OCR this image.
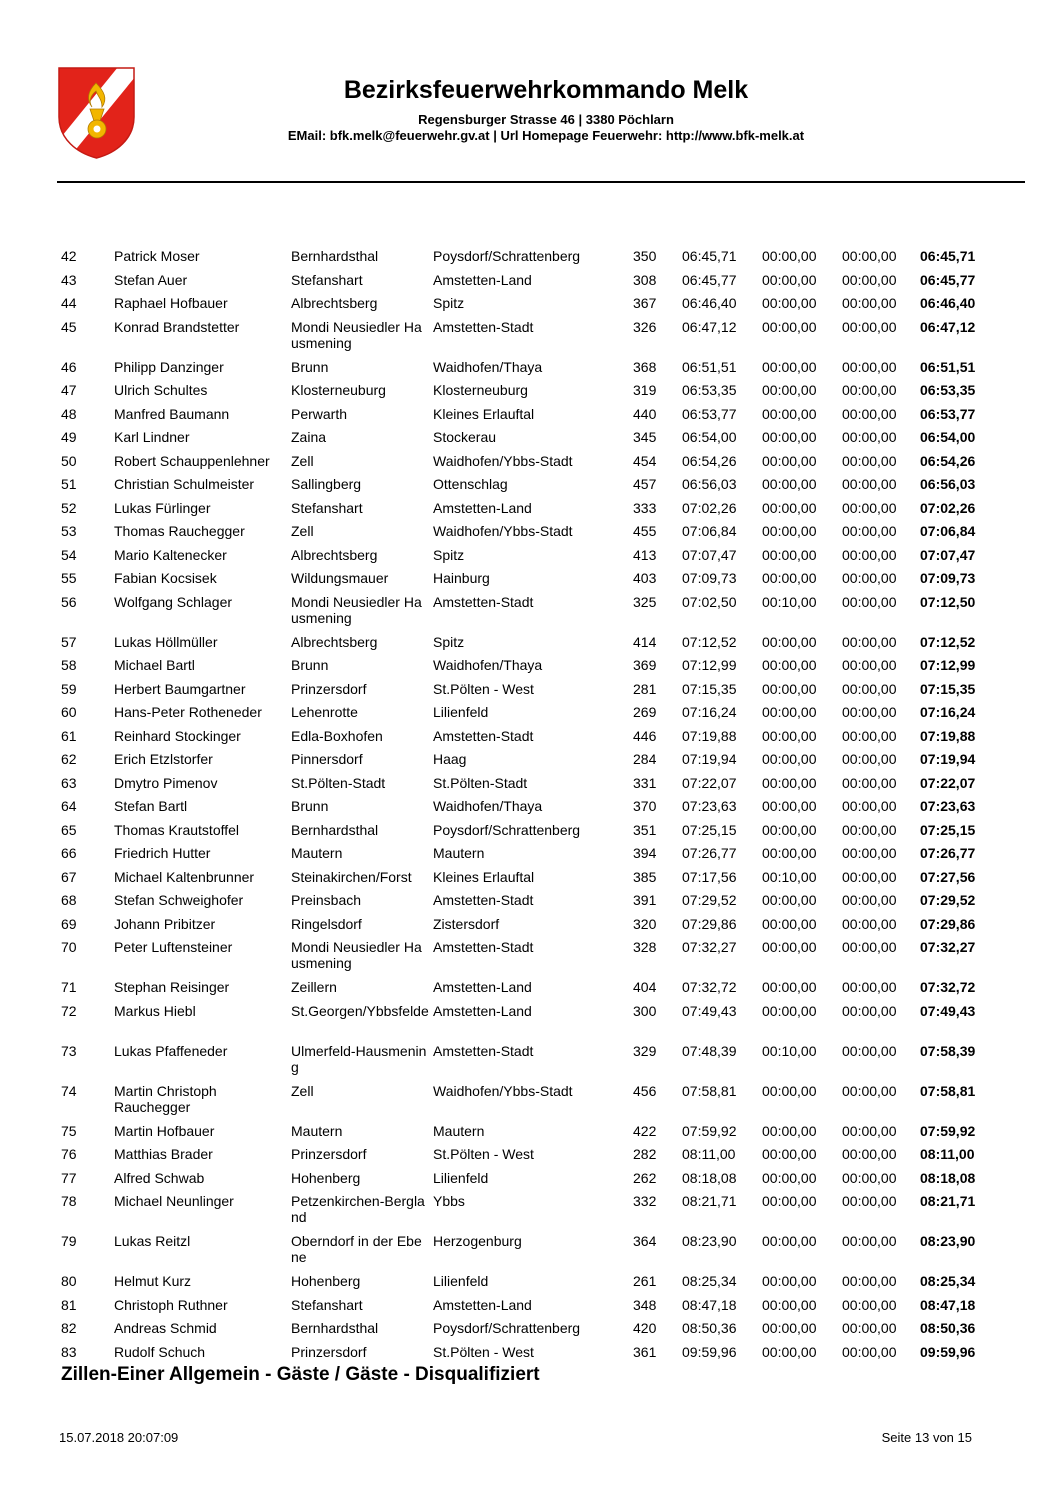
Bezirksfeuerwehrkommando Melk
Regensburger Strasse 46 | 3380 Pöchlarn
EMail: bfk.melk@feuerwehr.gv.at | Url Homepage Feuerwehr: http://www.bfk-melk.at
42	Patrick Moser	Bernhardsthal	Poysdorf/Schrattenberg	350 06:45,71 00:00,00 00:00,00 06:45,71
43	Stefan Auer	Stefanshart	Amstetten-Land	308 06:45,77 00:00,00 00:00,00 06:45,77
44	Raphael Hofbauer	Albrechtsberg	Spitz	367 06:46,40 00:00,00 00:00,00 06:46,40
45	Konrad Brandstetter	Mondi Neusiedler Hausmening
Amstetten-Stadt	326 06:47,12 00:00,00 00:00,00 06:47,12
46	Philipp Danzinger	Brunn	Waidhofen/Thaya	368 06:51,51 00:00,00 00:00,00 06:51,51
47	Ulrich Schultes	Klosterneuburg	Klosterneuburg	319 06:53,35 00:00,00 00:00,00 06:53,35
48	Manfred Baumann	Perwarth	Kleines Erlauftal	440 06:53,77 00:00,00 00:00,00 06:53,77
49	Karl Lindner	Zaina	Stockerau	345 06:54,00 00:00,00 00:00,00 06:54,00
50	Robert Schauppenlehner	Zell	Waidhofen/Ybbs-Stadt	454 06:54,26 00:00,00 00:00,00 06:54,26
51	Christian Schulmeister	Sallingberg	Ottenschlag	457 06:56,03 00:00,00 00:00,00 06:56,03
52	Lukas Fürlinger	Stefanshart	Amstetten-Land	333 07:02,26 00:00,00 00:00,00 07:02,26
53	Thomas Rauchegger	Zell	Waidhofen/Ybbs-Stadt	455 07:06,84 00:00,00 00:00,00 07:06,84
54	Mario Kaltenecker	Albrechtsberg	Spitz	413 07:07,47 00:00,00 00:00,00 07:07,47
55	Fabian Kocsisek	Wildungsmauer	Hainburg	403 07:09,73 00:00,00 00:00,00 07:09,73
56	Wolfgang Schlager	Mondi Neusiedler Hausmening
Amstetten-Stadt	325 07:02,50 00:10,00 00:00,00 07:12,50
57	Lukas Höllmüller	Albrechtsberg	Spitz	414 07:12,52 00:00,00 00:00,00 07:12,52
58	Michael Bartl	Brunn	Waidhofen/Thaya	369 07:12,99 00:00,00 00:00,00 07:12,99
59	Herbert Baumgartner	Prinzersdorf	St.Pölten - West	281 07:15,35 00:00,00 00:00,00 07:15,35
60	Hans-Peter Rotheneder	Lehenrotte	Lilienfeld	269 07:16,24 00:00,00 00:00,00 07:16,24
61	Reinhard Stockinger	Edla-Boxhofen	Amstetten-Stadt	446 07:19,88 00:00,00 00:00,00 07:19,88
62	Erich Etzlstorfer	Pinnersdorf	Haag	284 07:19,94 00:00,00 00:00,00 07:19,94
63	Dmytro Pimenov	St.Pölten-Stadt	St.Pölten-Stadt	331 07:22,07 00:00,00 00:00,00 07:22,07
64	Stefan Bartl	Brunn	Waidhofen/Thaya	370 07:23,63 00:00,00 00:00,00 07:23,63
65	Thomas Krautstoffel	Bernhardsthal	Poysdorf/Schrattenberg	351 07:25,15 00:00,00 00:00,00 07:25,15
66	Friedrich Hutter	Mautern	Mautern	394 07:26,77 00:00,00 00:00,00 07:26,77
67	Michael Kaltenbrunner	Steinakirchen/Forst	Kleines Erlauftal	385 07:17,56 00:10,00 00:00,00 07:27,56
68	Stefan Schweighofer	Preinsbach	Amstetten-Stadt	391 07:29,52 00:00,00 00:00,00 07:29,52
69	Johann Pribitzer	Ringelsdorf	Zistersdorf	320 07:29,86 00:00,00 00:00,00 07:29,86
70	Peter Luftensteiner	Mondi Neusiedler Hausmening
Amstetten-Stadt	328 07:32,27 00:00,00 00:00,00 07:32,27
71	Stephan Reisinger	Zeillern	Amstetten-Land	404 07:32,72 00:00,00 00:00,00 07:32,72
72	Markus Hiebl	St.Georgen/Ybbsfelde Amstetten-Land	300 07:49,43 00:00,00 00:00,00 07:49,43
73	Lukas Pfaffeneder	Ulmerfeld-Hausmening
Amstetten-Stadt	329 07:48,39 00:10,00 00:00,00 07:58,39
74	Martin Christoph Rauchegger
Zell	Waidhofen/Ybbs-Stadt	456 07:58,81 00:00,00 00:00,00 07:58,81
75	Martin Hofbauer	Mautern	Mautern	422 07:59,92 00:00,00 00:00,00 07:59,92
76	Matthias Brader	Prinzersdorf	St.Pölten - West	282 08:11,00 00:00,00 00:00,00 08:11,00
77	Alfred Schwab	Hohenberg	Lilienfeld	262 08:18,08 00:00,00 00:00,00 08:18,08
78	Michael Neunlinger	Petzenkirchen-Bergland
Ybbs	332 08:21,71 00:00,00 00:00,00 08:21,71
79	Lukas Reitzl	Oberndorf in der Ebene
Herzogenburg	364 08:23,90 00:00,00 00:00,00 08:23,90
80	Helmut Kurz	Hohenberg	Lilienfeld	261 08:25,34 00:00,00 00:00,00 08:25,34
81	Christoph Ruthner	Stefanshart	Amstetten-Land	348 08:47,18 00:00,00 00:00,00 08:47,18
82	Andreas Schmid	Bernhardsthal	Poysdorf/Schrattenberg	420 08:50,36 00:00,00 00:00,00 08:50,36
83	Rudolf Schuch	Prinzersdorf	St.Pölten - West	361 09:59,96 00:00,00 00:00,00 09:59,96
Zillen-Einer Allgemein - Gäste / Gäste - Disqualifiziert
15.07.2018 20:07:09	Seite 13 von 15
